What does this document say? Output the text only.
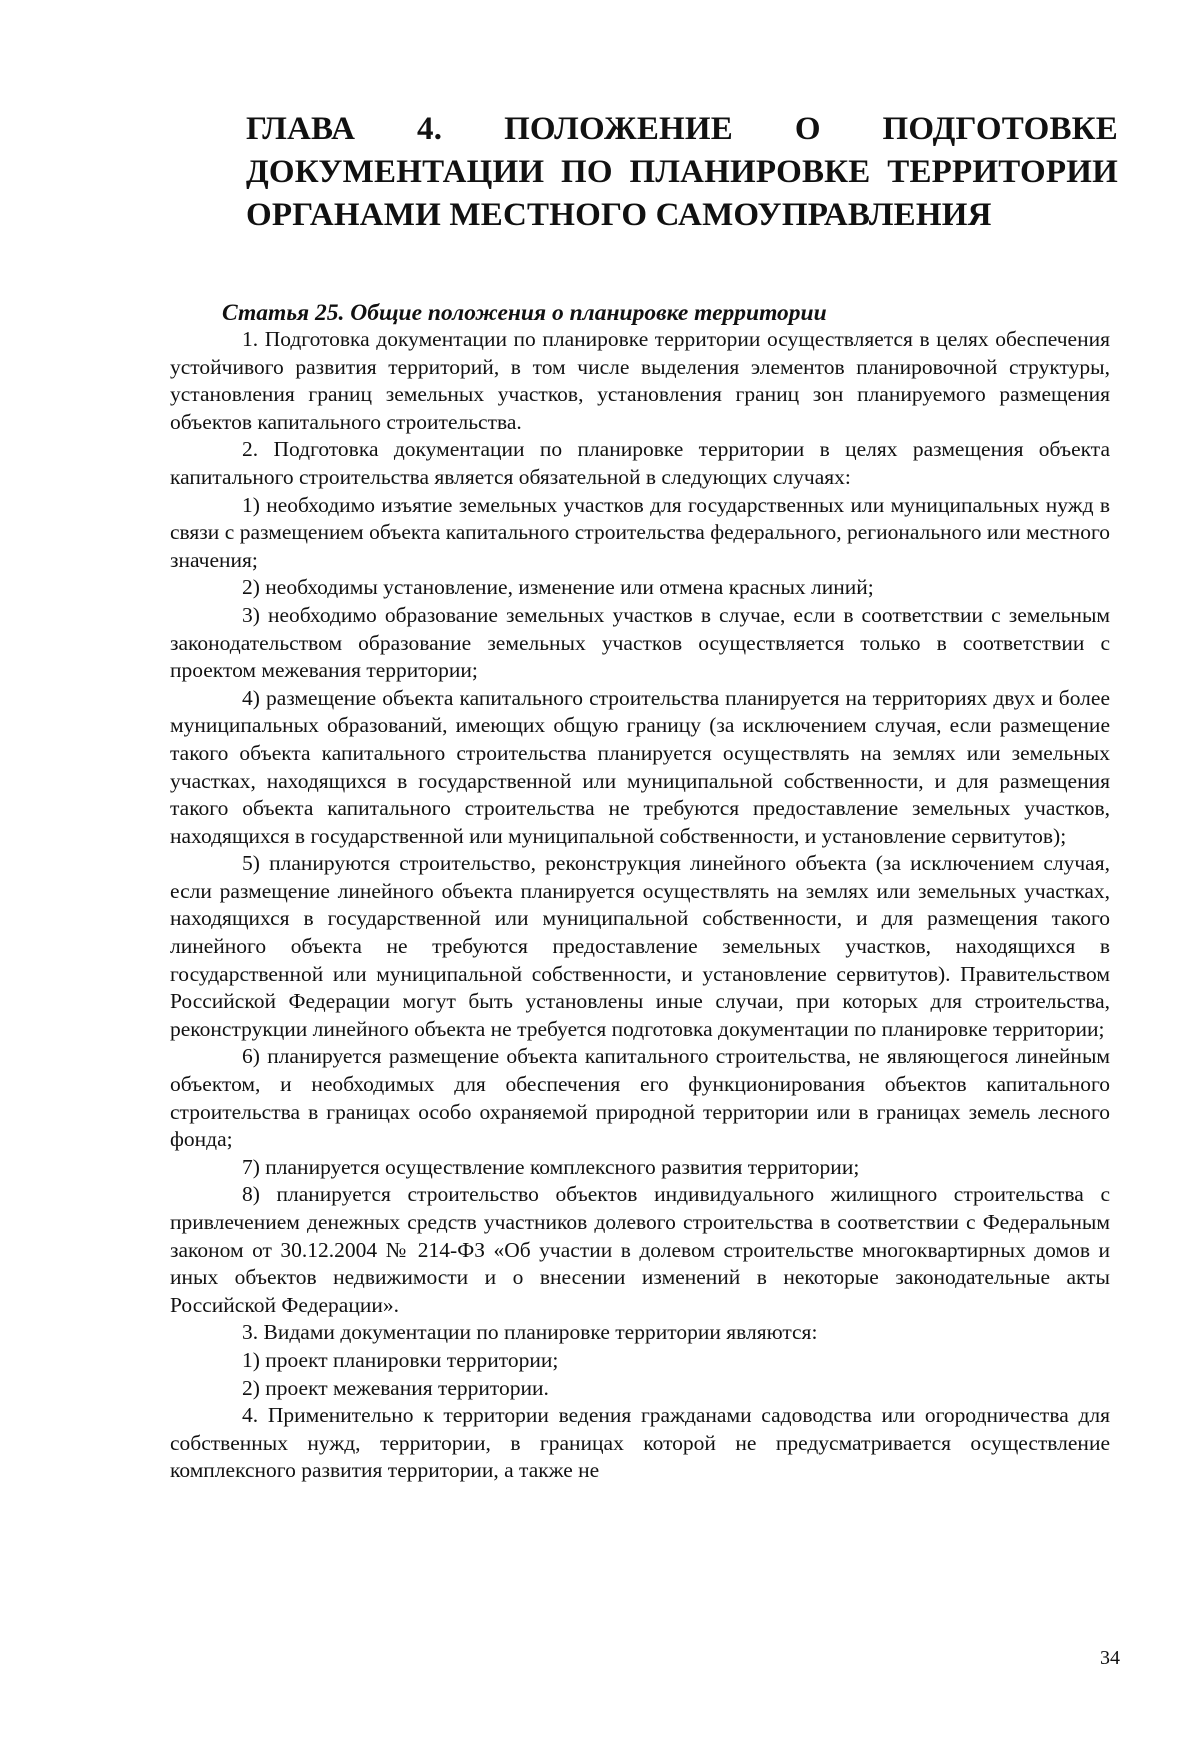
ГЛАВА 4. ПОЛОЖЕНИЕ О ПОДГОТОВКЕ ДОКУМЕНТАЦИИ ПО ПЛАНИРОВКЕ ТЕРРИТОРИИ ОРГАНАМИ МЕСТНОГО САМОУПРАВЛЕНИЯ
Статья 25. Общие положения о планировке территории

1. Подготовка документации по планировке территории осуществляется в целях обеспечения устойчивого развития территорий, в том числе выделения элементов планировочной структуры, установления границ земельных участков, установления границ зон планируемого размещения объектов капитального строительства.

2. Подготовка документации по планировке территории в целях размещения объекта капитального строительства является обязательной в следующих случаях:

1) необходимо изъятие земельных участков для государственных или муниципальных нужд в связи с размещением объекта капитального строительства федерального, регионального или местного значения;

2) необходимы установление, изменение или отмена красных линий;

3) необходимо образование земельных участков в случае, если в соответствии с земельным законодательством образование земельных участков осуществляется только в соответствии с проектом межевания территории;

4) размещение объекта капитального строительства планируется на территориях двух и более муниципальных образований, имеющих общую границу (за исключением случая, если размещение такого объекта капитального строительства планируется осуществлять на землях или земельных участках, находящихся в государственной или муниципальной собственности, и для размещения такого объекта капитального строительства не требуются предоставление земельных участков, находящихся в государственной или муниципальной собственности, и установление сервитутов);

5) планируются строительство, реконструкция линейного объекта (за исключением случая, если размещение линейного объекта планируется осуществлять на землях или земельных участках, находящихся в государственной или муниципальной собственности, и для размещения такого линейного объекта не требуются предоставление земельных участков, находящихся в государственной или муниципальной собственности, и установление сервитутов). Правительством Российской Федерации могут быть установлены иные случаи, при которых для строительства, реконструкции линейного объекта не требуется подготовка документации по планировке территории;

6) планируется размещение объекта капитального строительства, не являющегося линейным объектом, и необходимых для обеспечения его функционирования объектов капитального строительства в границах особо охраняемой природной территории или в границах земель лесного фонда;

7) планируется осуществление комплексного развития территории;

8) планируется строительство объектов индивидуального жилищного строительства с привлечением денежных средств участников долевого строительства в соответствии с Федеральным законом от 30.12.2004 № 214-ФЗ «Об участии в долевом строительстве многоквартирных домов и иных объектов недвижимости и о внесении изменений в некоторые законодательные акты Российской Федерации».

3. Видами документации по планировке территории являются:

1) проект планировки территории;

2) проект межевания территории.

4. Применительно к территории ведения гражданами садоводства или огородничества для собственных нужд, территории, в границах которой не предусматривается осуществление комплексного развития территории, а также не

34
